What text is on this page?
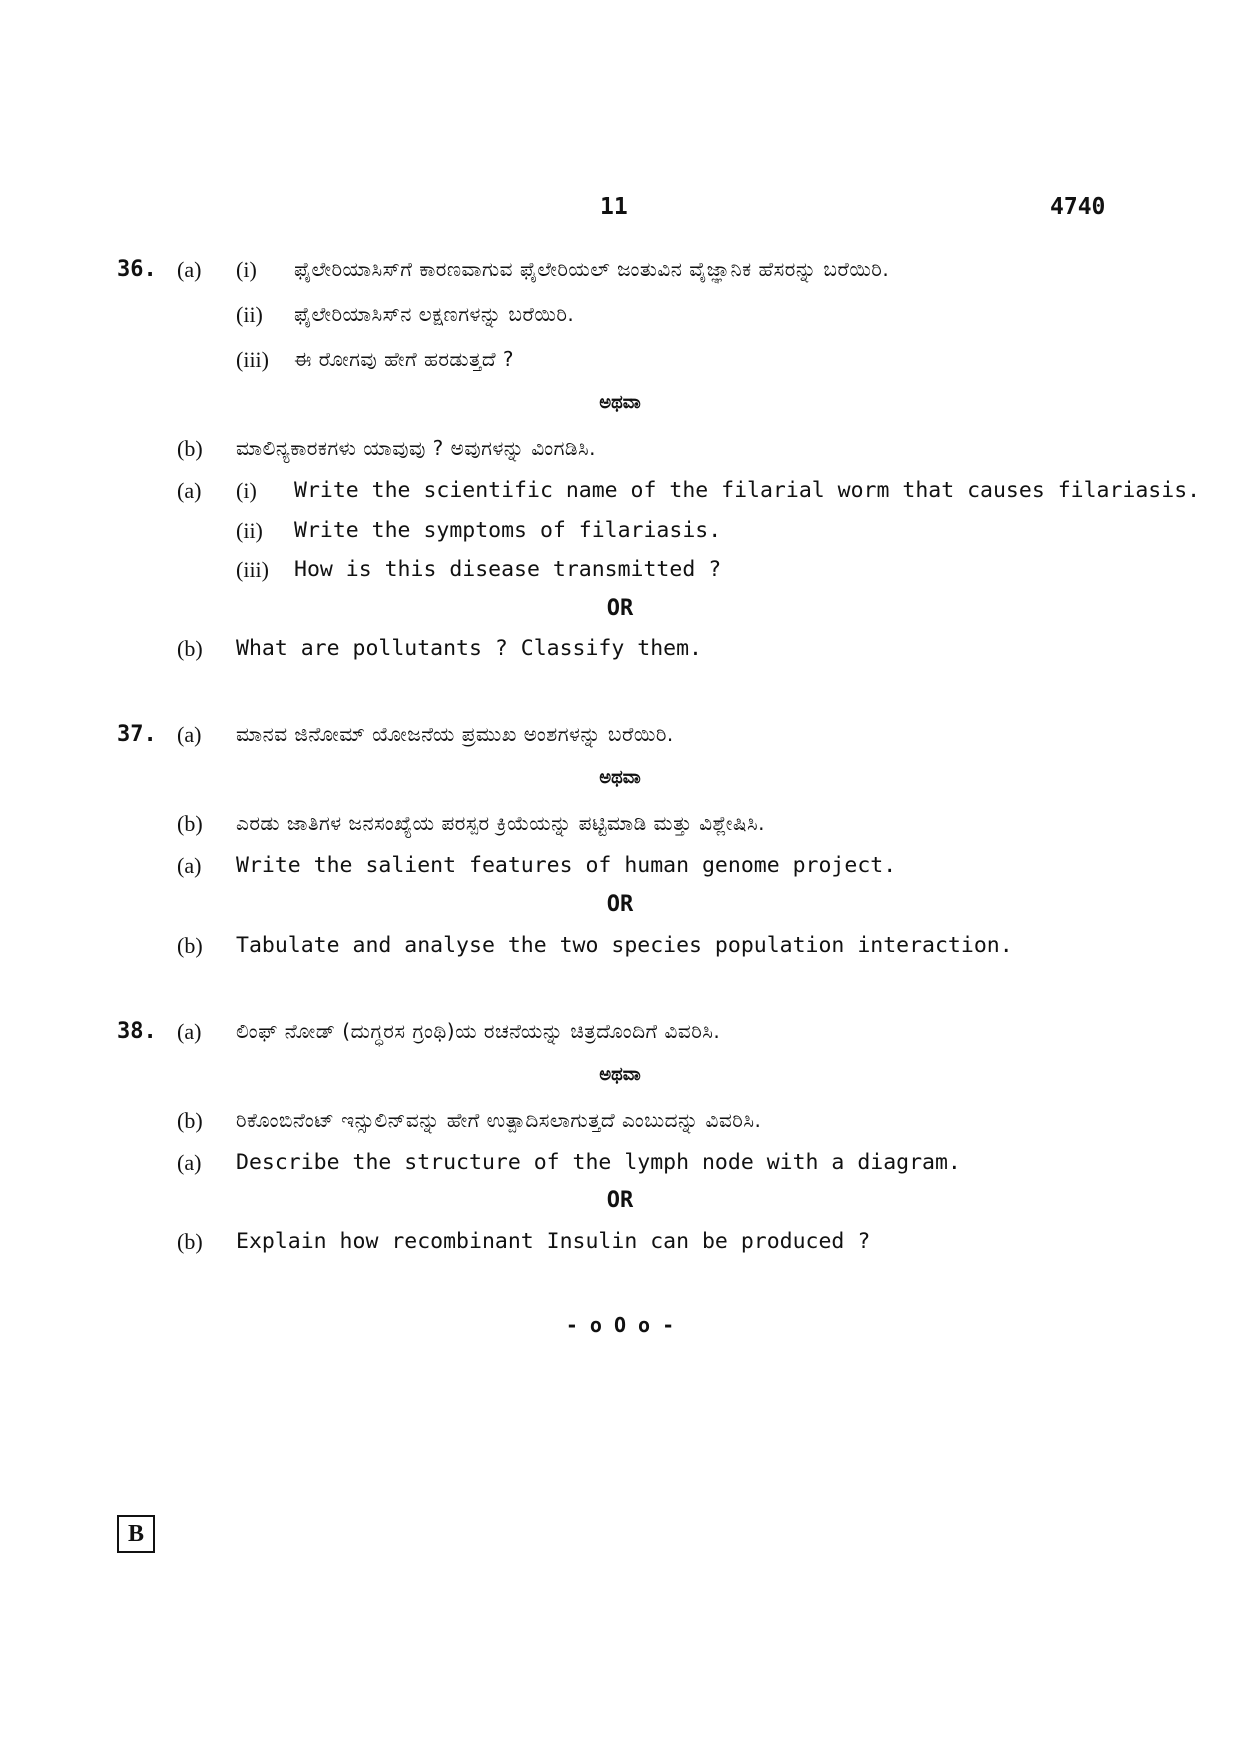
11	4740
36. (a) (i) ಫೈಲೇರಿಯಾಸಿಸ್‌ಗೆ ಕಾರಣವಾಗುವ ಫೈಲೇರಿಯಲ್ ಜಂತುವಿನ ವೈಜ್ಞಾನಿಕ ಹೆಸರನ್ನು ಬರೆಯಿರಿ.
(ii) ಫೈಲೇರಿಯಾಸಿಸ್‌ನ ಲಕ್ಷಣಗಳನ್ನು ಬರೆಯಿರಿ.
(iii) ಈ ರೋಗವು ಹೇಗೆ ಹರಡುತ್ತದೆ ?
ಅಥವಾ
(b) ಮಾಲಿನ್ಯಕಾರಕಗಳು ಯಾವುವು ? ಅವುಗಳನ್ನು ವಿಂಗಡಿಸಿ.
(a) (i) Write the scientific name of the filarial worm that causes filariasis.
(ii) Write the symptoms of filariasis.
(iii) How is this disease transmitted ?
OR
(b) What are pollutants ? Classify them.
37. (a) ಮಾನವ ಜಿನೋಮ್ ಯೋಜನೆಯ ಪ್ರಮುಖ ಅಂಶಗಳನ್ನು ಬರೆಯಿರಿ.
ಅಥವಾ
(b) ಎರಡು ಜಾತಿಗಳ ಜನಸಂಖ್ಯೆಯ ಪರಸ್ಪರ ಕ್ರಿಯೆಯನ್ನು ಪಟ್ಟಿಮಾಡಿ ಮತ್ತು ವಿಶ್ಲೇಷಿಸಿ.
(a) Write the salient features of human genome project.
OR
(b) Tabulate and analyse the two species population interaction.
38. (a) ಲಿಂಫ್ ನೋಡ್ (ದುಗ್ಧರಸ ಗ್ರಂಥಿ)ಯ ರಚನೆಯನ್ನು ಚಿತ್ರದೊಂದಿಗೆ ವಿವರಿಸಿ.
ಅಥವಾ
(b) ರಿಕೊಂಬಿನೆಂಟ್ ಇನ್ಸುಲಿನ್‌ವನ್ನು ಹೇಗೆ ಉತ್ಪಾದಿಸಲಾಗುತ್ತದೆ ಎಂಬುದನ್ನು ವಿವರಿಸಿ.
(a) Describe the structure of the lymph node with a diagram.
OR
(b) Explain how recombinant Insulin can be produced ?
- o O o -
B
